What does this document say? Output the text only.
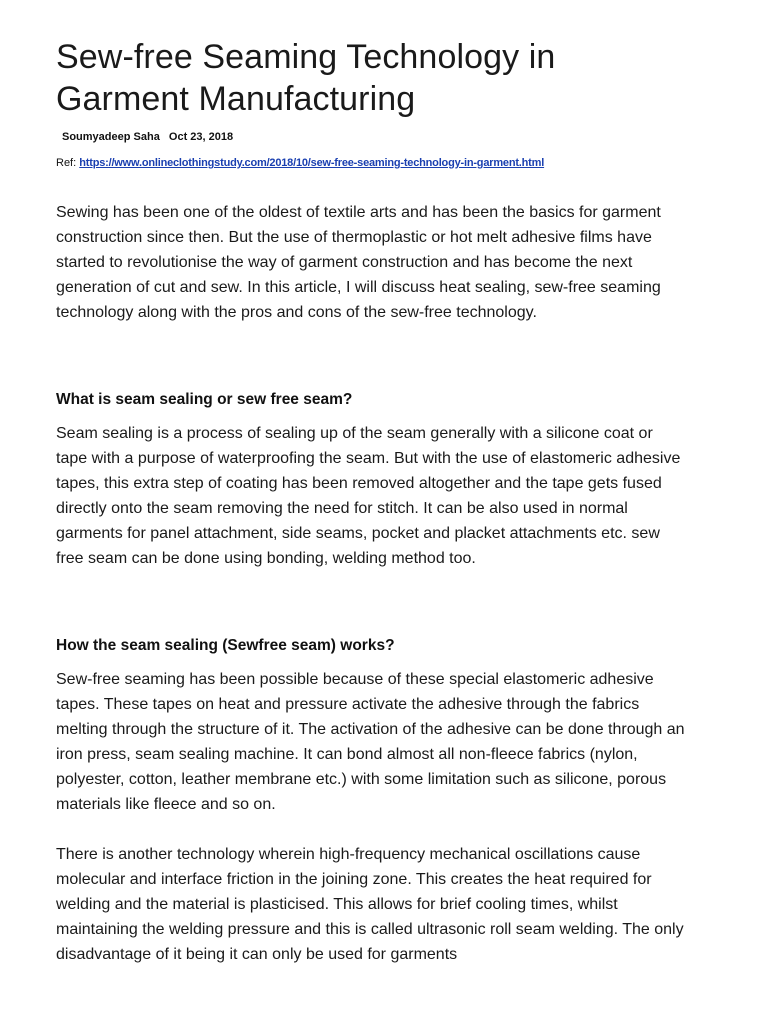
Sew-free Seaming Technology in Garment Manufacturing
Soumyadeep Saha Oct 23, 2018
Ref: https://www.onlineclothingstudy.com/2018/10/sew-free-seaming-technology-in-garment.html

Sewing has been one of the oldest of textile arts and has been the basics for garment construction since then. But the use of thermoplastic or hot melt adhesive films have started to revolutionise the way of garment construction and has become the next generation of cut and sew. In this article, I will discuss heat sealing, sew-free seaming technology along with the pros and cons of the sew-free technology.

What is seam sealing or sew free seam?

Seam sealing is a process of sealing up of the seam generally with a silicone coat or tape with a purpose of waterproofing the seam. But with the use of elastomeric adhesive tapes, this extra step of coating has been removed altogether and the tape gets fused directly onto the seam removing the need for stitch. It can be also used in normal garments for panel attachment, side seams, pocket and placket attachments etc. sew free seam can be done using bonding, welding method too.

How the seam sealing (Sewfree seam) works?

Sew-free seaming has been possible because of these special elastomeric adhesive tapes. These tapes on heat and pressure activate the adhesive through the fabrics melting through the structure of it. The activation of the adhesive can be done through an iron press, seam sealing machine. It can bond almost all non-fleece fabrics (nylon, polyester, cotton, leather membrane etc.) with some limitation such as silicone, porous materials like fleece and so on.

There is another technology wherein high-frequency mechanical oscillations cause molecular and interface friction in the joining zone. This creates the heat required for welding and the material is plasticised. This allows for brief cooling times, whilst maintaining the welding pressure and this is called ultrasonic roll seam welding. The only disadvantage of it being it can only be used for garments
